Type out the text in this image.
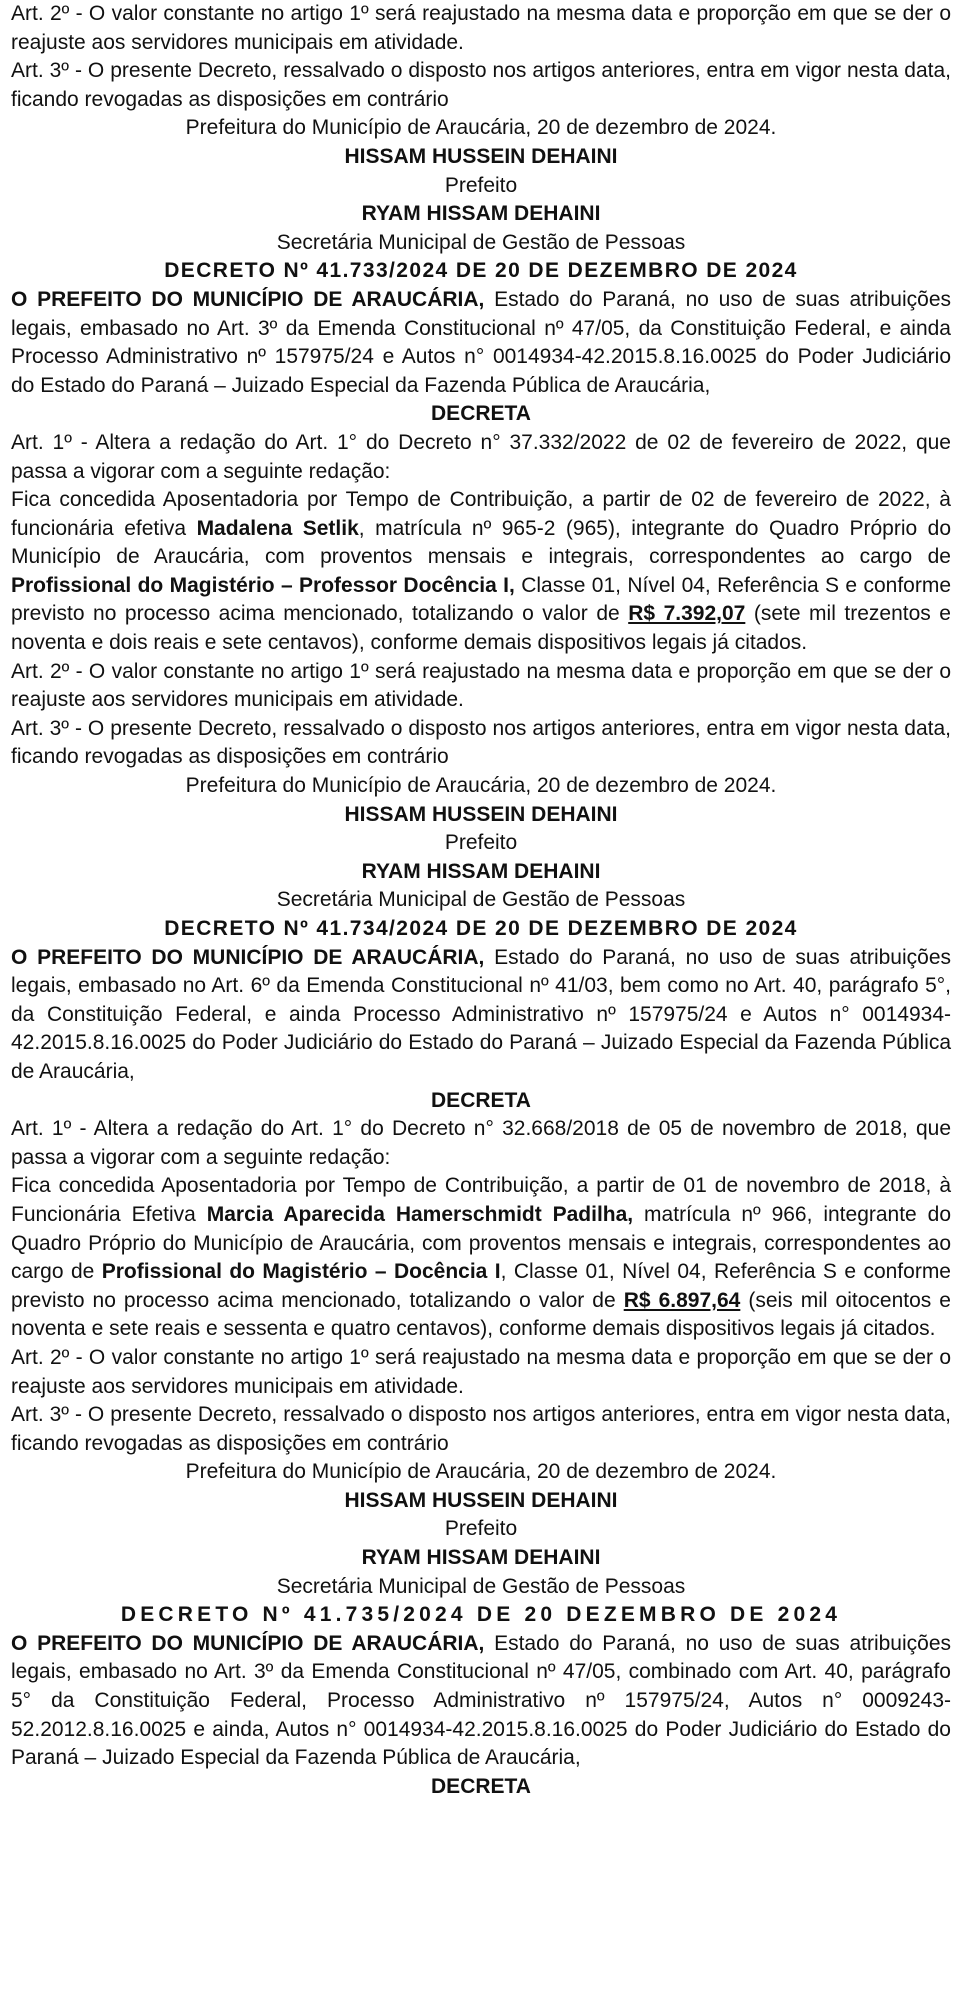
Art. 2º - O valor constante no artigo 1º será reajustado na mesma data e proporção em que se der o reajuste aos servidores municipais em atividade.

Art. 3º - O presente Decreto, ressalvado o disposto nos artigos anteriores, entra em vigor nesta data, ficando revogadas as disposições em contrário

Prefeitura do Município de Araucária, 20 de dezembro de 2024.

HISSAM HUSSEIN DEHAINI

Prefeito

RYAM HISSAM DEHAINI

Secretária Municipal de Gestão de Pessoas

DECRETO Nº 41.733/2024 DE 20 DE DEZEMBRO DE 2024

O PREFEITO DO MUNICÍPIO DE ARAUCÁRIA, Estado do Paraná, no uso de suas atribuições legais, embasado no Art. 3º da Emenda Constitucional nº 47/05, da Constituição Federal, e ainda Processo Administrativo nº 157975/24 e Autos n° 0014934-42.2015.8.16.0025 do Poder Judiciário do Estado do Paraná – Juizado Especial da Fazenda Pública de Araucária,

DECRETA

Art. 1º - Altera a redação do Art. 1° do Decreto n° 37.332/2022 de 02 de fevereiro de 2022, que passa a vigorar com a seguinte redação:

Fica concedida Aposentadoria por Tempo de Contribuição, a partir de 02 de fevereiro de 2022, à funcionária efetiva Madalena Setlik, matrícula nº 965-2 (965), integrante do Quadro Próprio do Município de Araucária, com proventos mensais e integrais, correspondentes ao cargo de Profissional do Magistério – Professor Docência I, Classe 01, Nível 04, Referência S e conforme previsto no processo acima mencionado, totalizando o valor de R$ 7.392,07 (sete mil trezentos e noventa e dois reais e sete centavos), conforme demais dispositivos legais já citados.

Art. 2º - O valor constante no artigo 1º será reajustado na mesma data e proporção em que se der o reajuste aos servidores municipais em atividade.

Art. 3º - O presente Decreto, ressalvado o disposto nos artigos anteriores, entra em vigor nesta data, ficando revogadas as disposições em contrário

Prefeitura do Município de Araucária, 20 de dezembro de 2024.

HISSAM HUSSEIN DEHAINI

Prefeito

RYAM HISSAM DEHAINI

Secretária Municipal de Gestão de Pessoas

DECRETO Nº 41.734/2024 DE 20 DE DEZEMBRO DE 2024

O PREFEITO DO MUNICÍPIO DE ARAUCÁRIA, Estado do Paraná, no uso de suas atribuições legais, embasado no Art. 6º da Emenda Constitucional nº 41/03, bem como no Art. 40, parágrafo 5°, da Constituição Federal, e ainda Processo Administrativo nº 157975/24 e Autos n° 0014934-42.2015.8.16.0025 do Poder Judiciário do Estado do Paraná – Juizado Especial da Fazenda Pública de Araucária,

DECRETA

Art. 1º - Altera a redação do Art. 1° do Decreto n° 32.668/2018 de 05 de novembro de 2018, que passa a vigorar com a seguinte redação:

Fica concedida Aposentadoria por Tempo de Contribuição, a partir de 01 de novembro de 2018, à Funcionária Efetiva Marcia Aparecida Hamerschmidt Padilha, matrícula nº 966, integrante do Quadro Próprio do Município de Araucária, com proventos mensais e integrais, correspondentes ao cargo de Profissional do Magistério – Docência I, Classe 01, Nível 04, Referência S e conforme previsto no processo acima mencionado, totalizando o valor de R$ 6.897,64 (seis mil oitocentos e noventa e sete reais e sessenta e quatro centavos), conforme demais dispositivos legais já citados.

Art. 2º - O valor constante no artigo 1º será reajustado na mesma data e proporção em que se der o reajuste aos servidores municipais em atividade.

Art. 3º - O presente Decreto, ressalvado o disposto nos artigos anteriores, entra em vigor nesta data, ficando revogadas as disposições em contrário

Prefeitura do Município de Araucária, 20 de dezembro de 2024.

HISSAM HUSSEIN DEHAINI

Prefeito

RYAM HISSAM DEHAINI

Secretária Municipal de Gestão de Pessoas

DECRETO Nº 41.735/2024 DE 20 DEZEMBRO DE 2024

O PREFEITO DO MUNICÍPIO DE ARAUCÁRIA, Estado do Paraná, no uso de suas atribuições legais, embasado no Art. 3º da Emenda Constitucional nº 47/05, combinado com Art. 40, parágrafo 5° da Constituição Federal, Processo Administrativo nº 157975/24, Autos n° 0009243-52.2012.8.16.0025 e ainda, Autos n° 0014934-42.2015.8.16.0025 do Poder Judiciário do Estado do Paraná – Juizado Especial da Fazenda Pública de Araucária,

DECRETA
